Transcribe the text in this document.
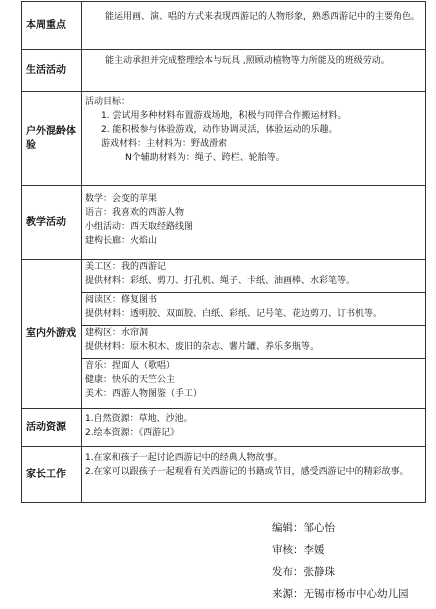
本周重点	能运用画、演、唱的方式来表现西游记的人物形象，熟悉西游记中的主要角色。

生活活动	能主动承担并完成整理绘本与玩具 ,照顾动植物等力所能及的班级劳动。

户外混龄体验	活动目标：
1. 尝试用多种材料布置游戏场地，积极与同伴合作搬运材料。
2. 能积极参与体验游戏，动作协调灵活，体验运动的乐趣。
游戏材料：主材料为：野战滑索
N个辅助材料为：绳子、跨栏、轮胎等。

教学活动	数学：会变的苹果
语言：我喜欢的西游人物
小组活动：西天取经路线图
建构长廊：火焰山

室内外游戏	美工区：我的西游记
提供材料：彩纸、剪刀、打孔机、绳子、卡纸、油画棒、水彩笔等。

	阅读区：修复图书
提供材料：透明胶、双面胶、白纸、彩纸、记号笔、花边剪刀、订书机等。

	建构区：水帘洞
提供材料：原木积木、废旧的杂志、薯片罐、养乐多瓶等。

	音乐：捏面人（歌唱）
健康：快乐的天竺公主
美术：西游人物图鉴（手工）

活动资源	1.自然资源：草地、沙池。
2.绘本资源：《西游记》

家长工作	1.在家和孩子一起讨论西游记中的经典人物故事。
2.在家可以跟孩子一起观看有关西游记的书籍或节目，感受西游记中的精彩故事。
编辑：邹心怡
审核：李媛
发布：张静珠
来源：无锡市杨市中心幼儿园
